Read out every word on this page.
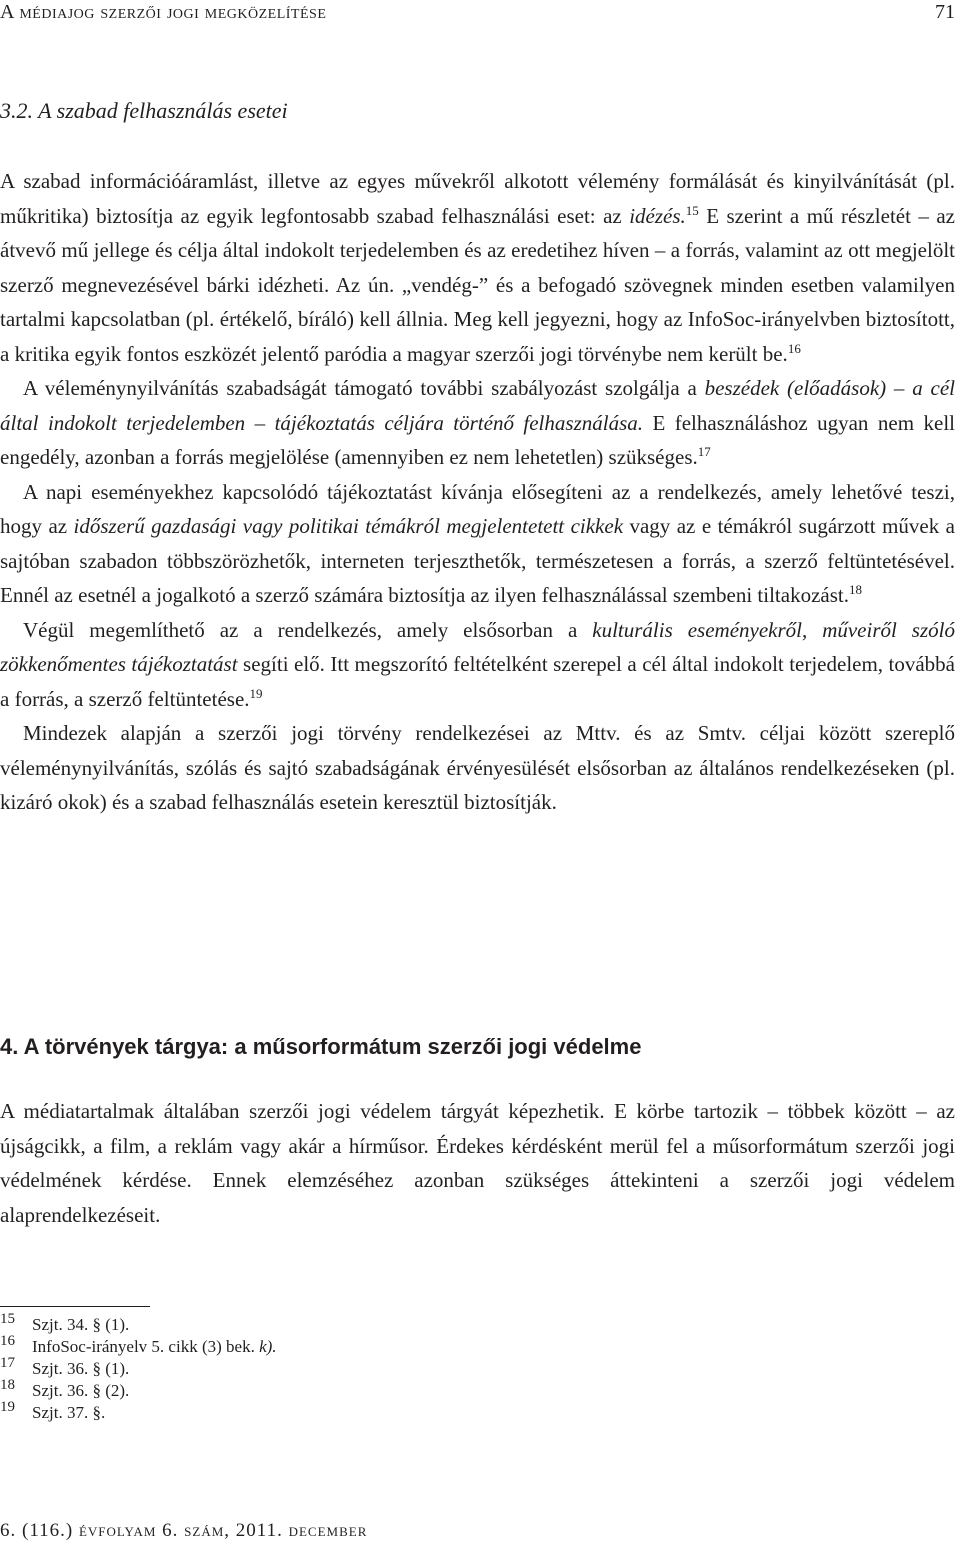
A médiajog szerzői jogi megközelítése	71
3.2. A szabad felhasználás esetei

A szabad információáramlást, illetve az egyes művekről alkotott vélemény formálását és kinyilvánítását (pl. műkritika) biztosítja az egyik legfontosabb szabad felhasználási eset: az idézés.$^{15}$ E szerint a mű részletét – az átvevő mű jellege és célja által indokolt terjedelemben és az eredetihez híven – a forrás, valamint az ott megjelölt szerző megnevezésével bárki idézheti. Az ún. „vendég-” és a befogadó szövegnek minden esetben valamilyen tartalmi kapcsolatban (pl. értékelő, bíráló) kell állnia. Meg kell jegyezni, hogy az InfoSoc-irányelvben biztosított, a kritika egyik fontos eszközét jelentő paródia a magyar szerzői jogi törvénybe nem került be.$^{16}$

A véleménynyilvánítás szabadságát támogató további szabályozást szolgálja a beszédek (előadások) – a cél által indokolt terjedelemben – tájékoztatás céljára történő felhasználása. E felhasználáshoz ugyan nem kell engedély, azonban a forrás megjelölése (amennyiben ez nem lehetetlen) szükséges.$^{17}$

A napi eseményekhez kapcsolódó tájékoztatást kívánja elősegíteni az a rendelkezés, amely lehetővé teszi, hogy az időszerű gazdasági vagy politikai témákról megjelentetett cikkek vagy az e témákról sugárzott művek a sajtóban szabadon többszörözhetők, interneten terjeszthetők, természetesen a forrás, a szerző feltüntetésével. Ennél az esetnél a jogalkotó a szerző számára biztosítja az ilyen felhasználással szembeni tiltakozást.$^{18}$

Végül megemlíthető az a rendelkezés, amely elsősorban a kulturális eseményekről, műveiről szóló zökkenőmentes tájékoztatást segíti elő. Itt megszorító feltételként szerepel a cél által indokolt terjedelem, továbbá a forrás, a szerző feltüntetése.$^{19}$

Mindezek alapján a szerzői jogi törvény rendelkezései az Mttv. és az Smtv. céljai között szereplő véleménynyilvánítás, szólás és sajtó szabadságának érvényesülését elsősorban az általános rendelkezéseken (pl. kizáró okok) és a szabad felhasználás esetein keresztül biztosítják.

4. A törvények tárgya: a műsorformátum szerzői jogi védelme

A médiatartalmak általában szerzői jogi védelem tárgyát képezhetik. E körbe tartozik – többek között – az újságcikk, a film, a reklám vagy akár a hírműsor. Érdekes kérdésként merül fel a műsorformátum szerzői jogi védelmének kérdése. Ennek elemzéséhez azonban szükséges áttekinteni a szerzői jogi védelem alaprendelkezéseit.

15 Szjt. 34. § (1).
16 InfoSoc-irányelv 5. cikk (3) bek. k).
17 Szjt. 36. § (1).
18 Szjt. 36. § (2).
19 Szjt. 37. §.
6. (116.) évfolyam 6. szám, 2011. december
